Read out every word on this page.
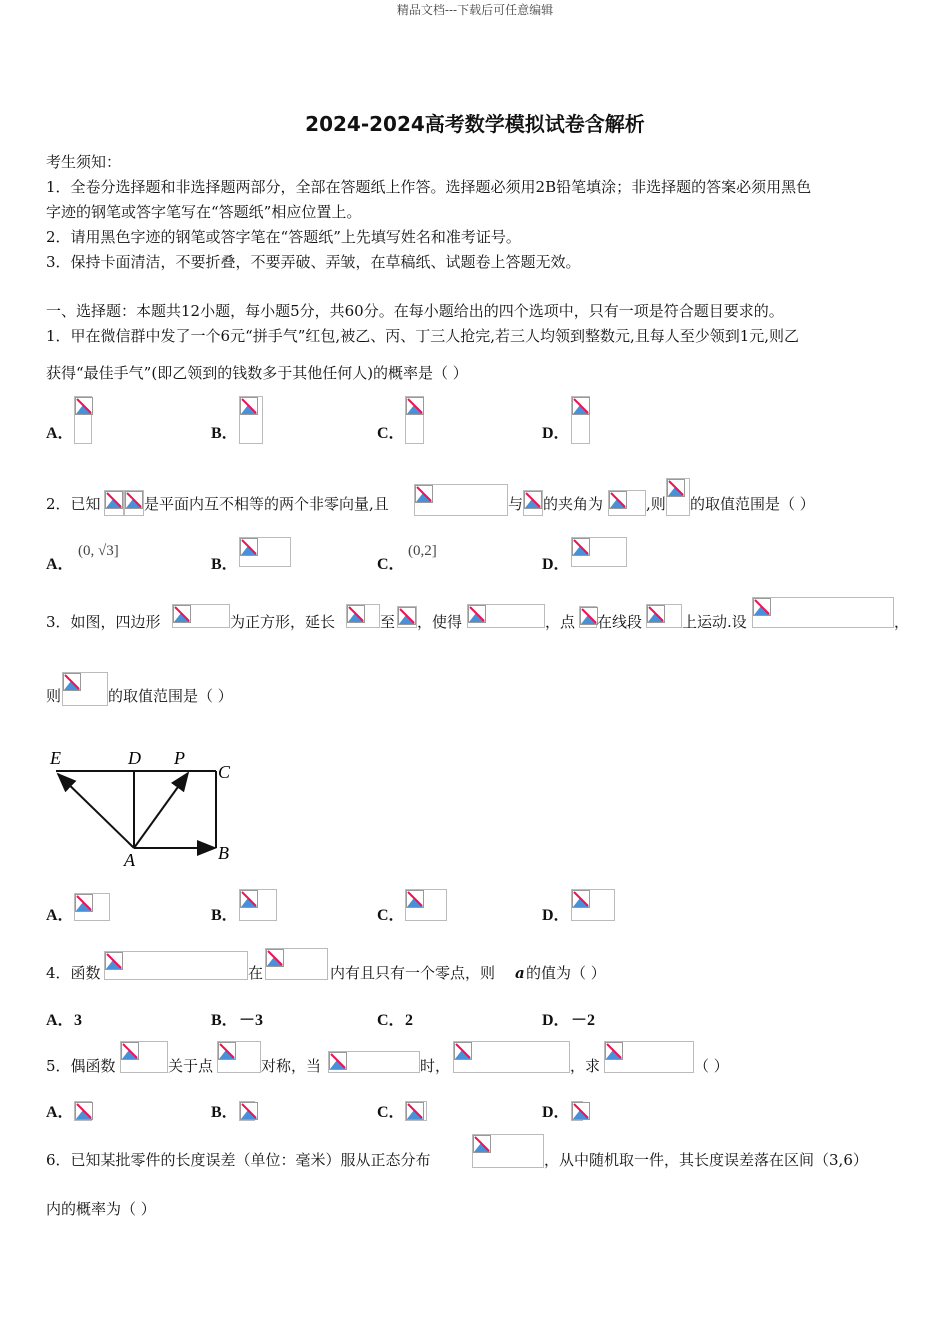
精品文档---下载后可任意编辑
2024-2024高考数学模拟试卷含解析
考生须知：
1．全卷分选择题和非选择题两部分，全部在答题纸上作答。选择题必须用2B铅笔填涂；非选择题的答案必须用黑色
字迹的钢笔或答字笔写在“答题纸”相应位置上。
2．请用黑色字迹的钢笔或答字笔在“答题纸”上先填写姓名和准考证号。
3．保持卡面清洁，不要折叠，不要弄破、弄皱，在草稿纸、试题卷上答题无效。
一、选择题：本题共12小题，每小题5分，共60分。在每小题给出的四个选项中，只有一项是符合题目要求的。
1．甲在微信群中发了一个6元“拼手气”红包,被乙、丙、丁三人抢完,若三人均领到整数元,且每人至少领到1元,则乙
获得“最佳手气”(即乙领到的钱数多于其他任何人)的概率是（ ）
A．	B．	C．	D．
2．已知	是平面内互不相等的两个非零向量,且	与 的夹角为	,则 的取值范围是（ ）
A．
(0, √3]
B．	C．
(0,2]
D．
3．如图，四边形	为正方形，延长	至 ，使得	，点 在线段	上运动.设	，
则	的取值范围是（ ）
E	D P
C
A	B
A．	B．	C．	D．
4．函数	在	内有且只有一个零点，则 a 的值为（ ）
A． 3	B． －3	C． 2	D． －2
5．偶函数	关于点	对称，当	时，	，求	（ ）
A．	B．	C．	D．
6．已知某批零件的长度误差（单位：毫米）服从正态分布	，从中随机取一件，其长度误差落在区间（3,6）
内的概率为（ ）
